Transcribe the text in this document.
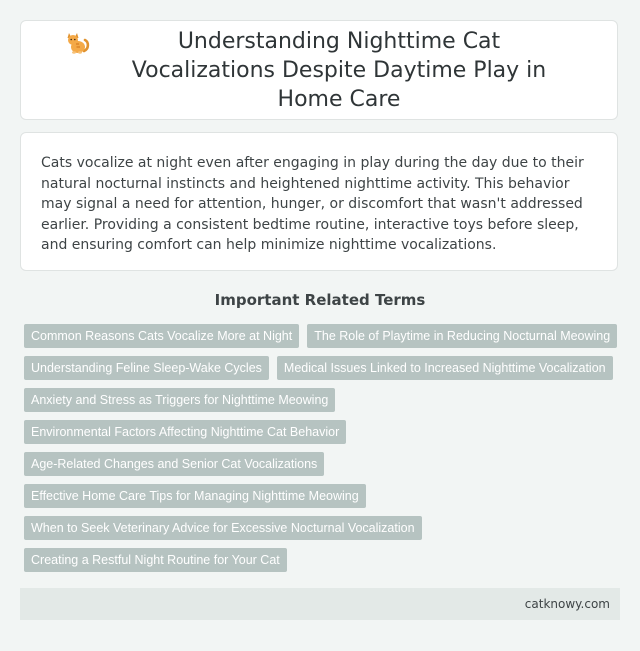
Understanding Nighttime Cat Vocalizations Despite Daytime Play in Home Care

Cats vocalize at night even after engaging in play during the day due to their natural nocturnal instincts and heightened nighttime activity. This behavior may signal a need for attention, hunger, or discomfort that wasn't addressed earlier. Providing a consistent bedtime routine, interactive toys before sleep, and ensuring comfort can help minimize nighttime vocalizations.

Important Related Terms
Common Reasons Cats Vocalize More at Night	The Role of Playtime in Reducing Nocturnal Meowing
Understanding Feline Sleep-Wake Cycles	Medical Issues Linked to Increased Nighttime Vocalization
Anxiety and Stress as Triggers for Nighttime Meowing
Environmental Factors Affecting Nighttime Cat Behavior
Age-Related Changes and Senior Cat Vocalizations
Effective Home Care Tips for Managing Nighttime Meowing
When to Seek Veterinary Advice for Excessive Nocturnal Vocalization
Creating a Restful Night Routine for Your Cat
catknowy.com
